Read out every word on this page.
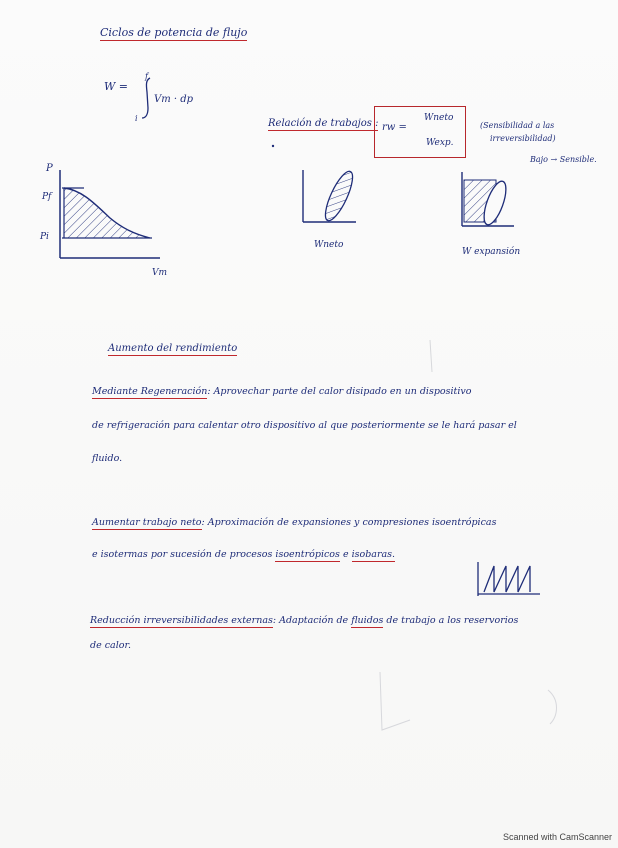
Ciclos de potencia de flujo
W =
Vm · dp
i
f
Relación de trabajos : rw =
Wneto
Wexp.
(Sensibilidad a las
irreversibilidad)
Bajo → Sensible.
P
Pf
Pi
Vm
Wneto
W expansión
Aumento del rendimiento
Mediante Regeneración: Aprovechar parte del calor disipado en un dispositivo
de refrigeración para calentar otro dispositivo al que posteriormente se le hará pasar el
fluido.
Aumentar trabajo neto: Aproximación de expansiones y compresiones isoentrópicas
e isotermas por sucesión de procesos isoentrópicos e isobaras.
Reducción irreversibilidades externas: Adaptación de fluidos de trabajo a los reservorios
de calor.
Scanned with CamScanner
